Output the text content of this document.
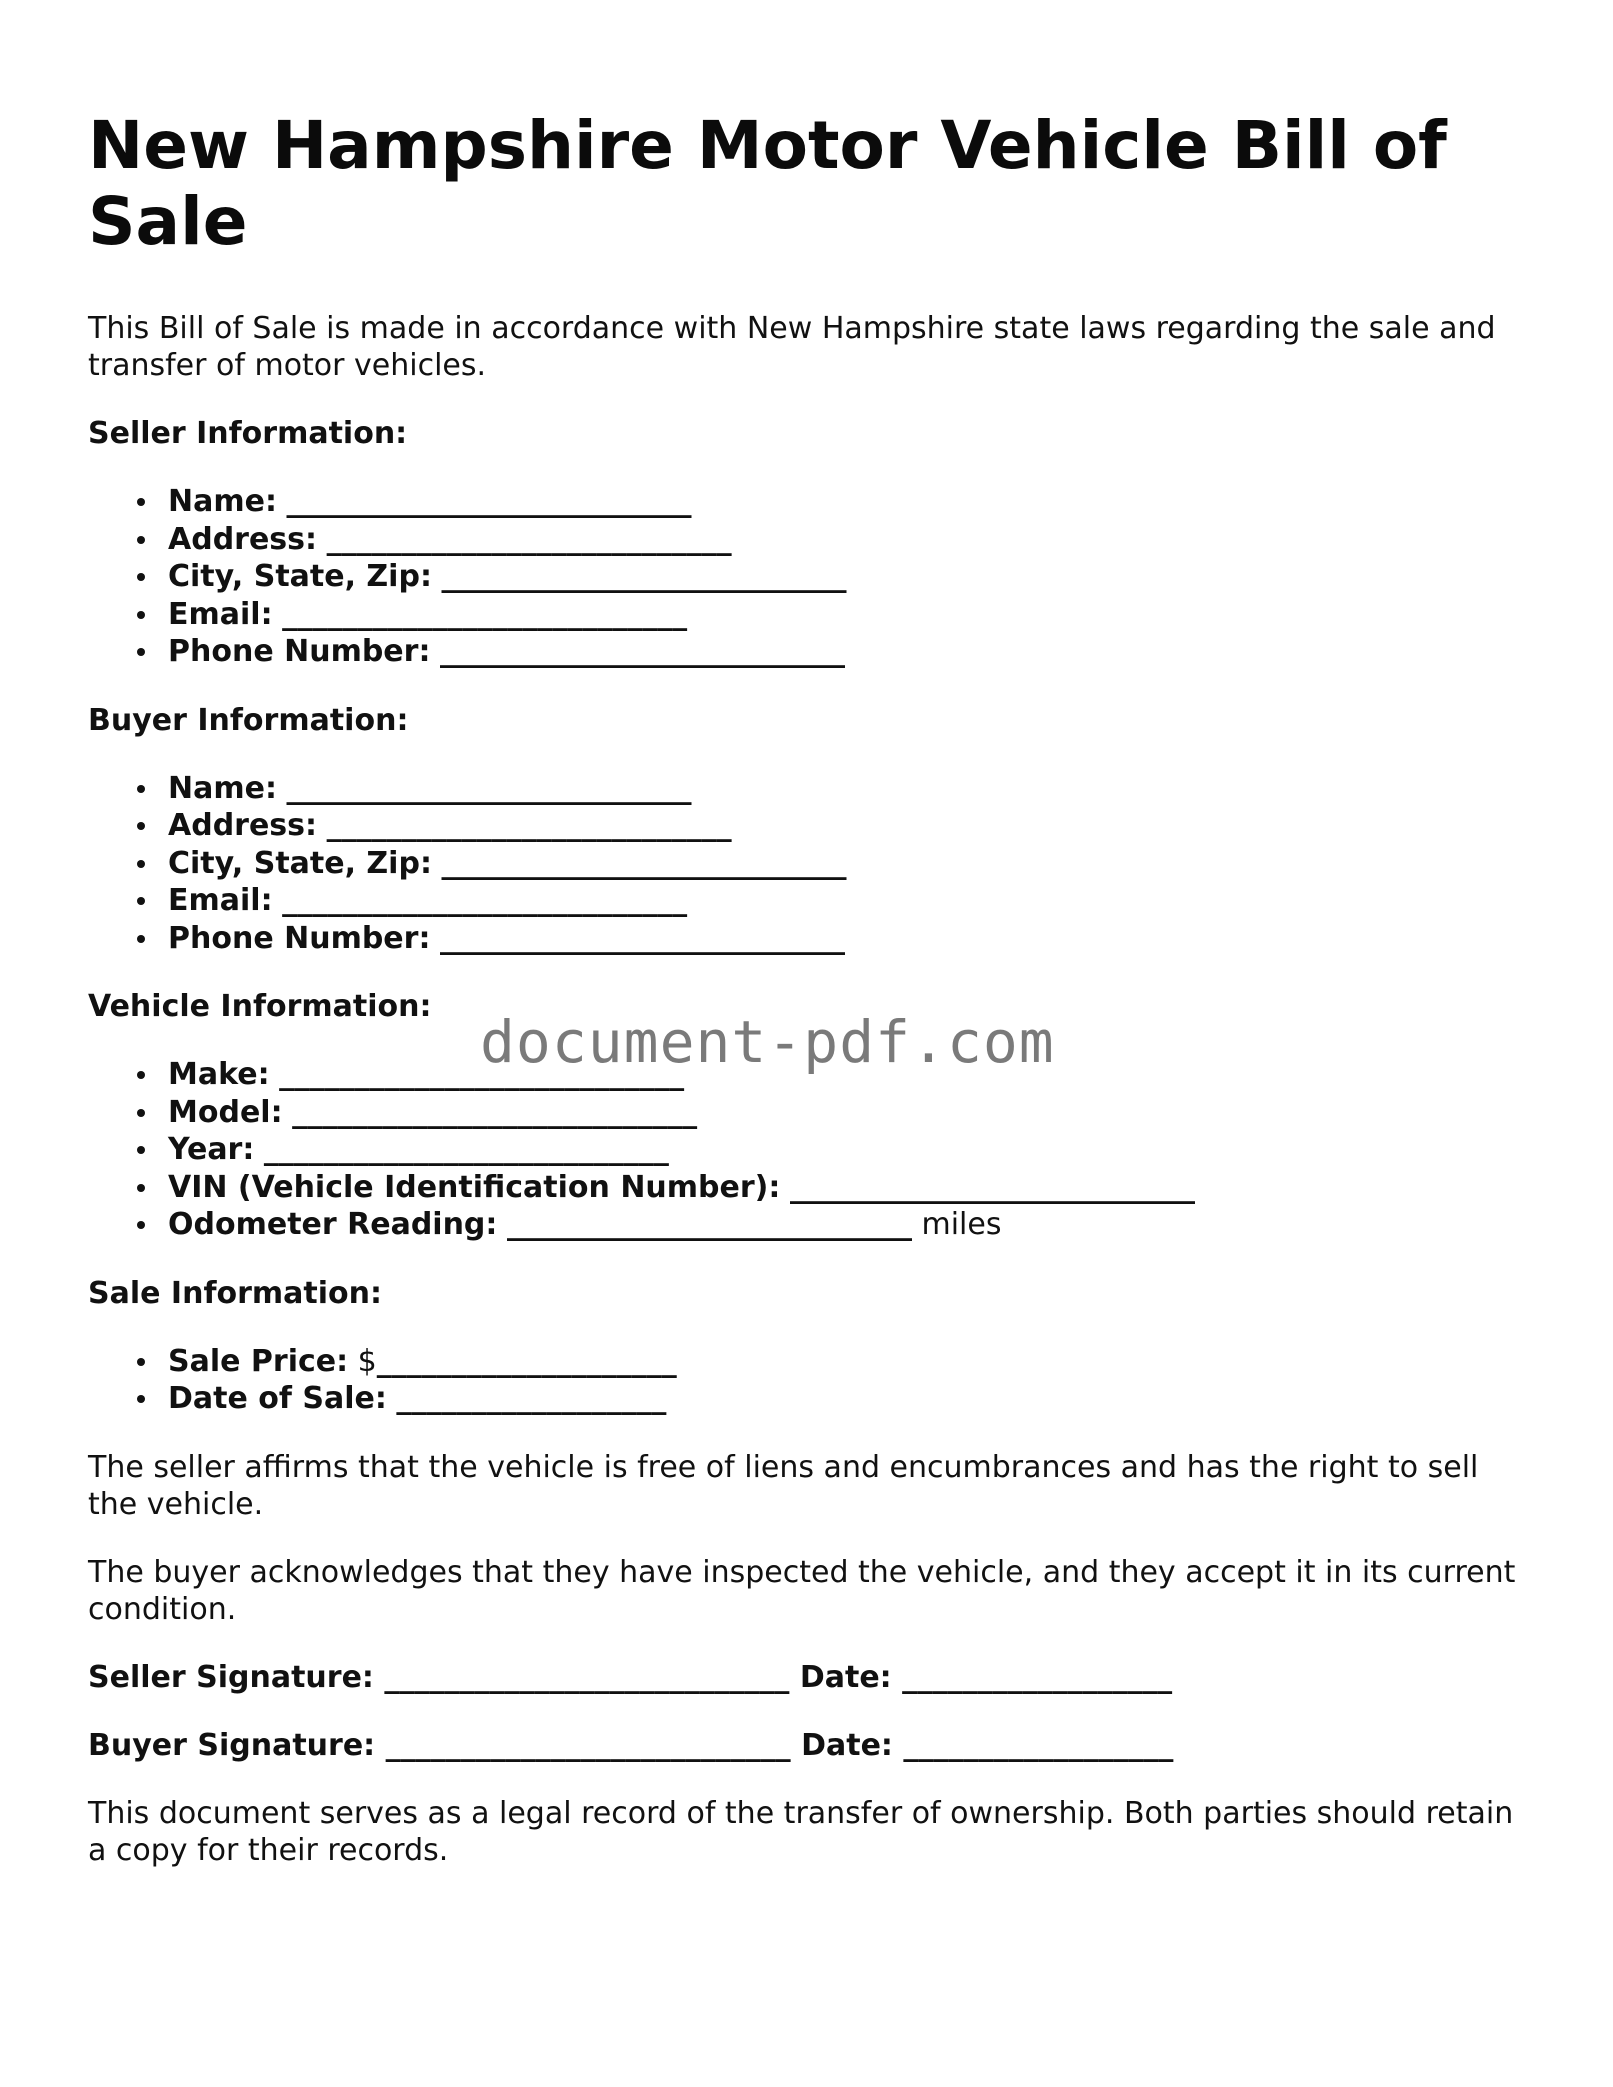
New Hampshire Motor Vehicle Bill of Sale

This Bill of Sale is made in accordance with New Hampshire state laws regarding the sale and transfer of motor vehicles.

Seller Information:
Name: ___________________________
Address: ___________________________
City, State, Zip: ___________________________
Email: ___________________________
Phone Number: ___________________________
Buyer Information:
Name: ___________________________
Address: ___________________________
City, State, Zip: ___________________________
Email: ___________________________
Phone Number: ___________________________
Vehicle Information:
Make: ___________________________
Model: ___________________________
Year: ___________________________
VIN (Vehicle Identification Number): ___________________________
Odometer Reading: ___________________________ miles
Sale Information:
Sale Price: $____________________
Date of Sale: __________________

The seller affirms that the vehicle is free of liens and encumbrances and has the right to sell the vehicle.

The buyer acknowledges that they have inspected the vehicle, and they accept it in its current condition.

Seller Signature: ___________________________ Date: __________________
Buyer Signature: ___________________________ Date: __________________

This document serves as a legal record of the transfer of ownership. Both parties should retain a copy for their records.

document-pdf.com
